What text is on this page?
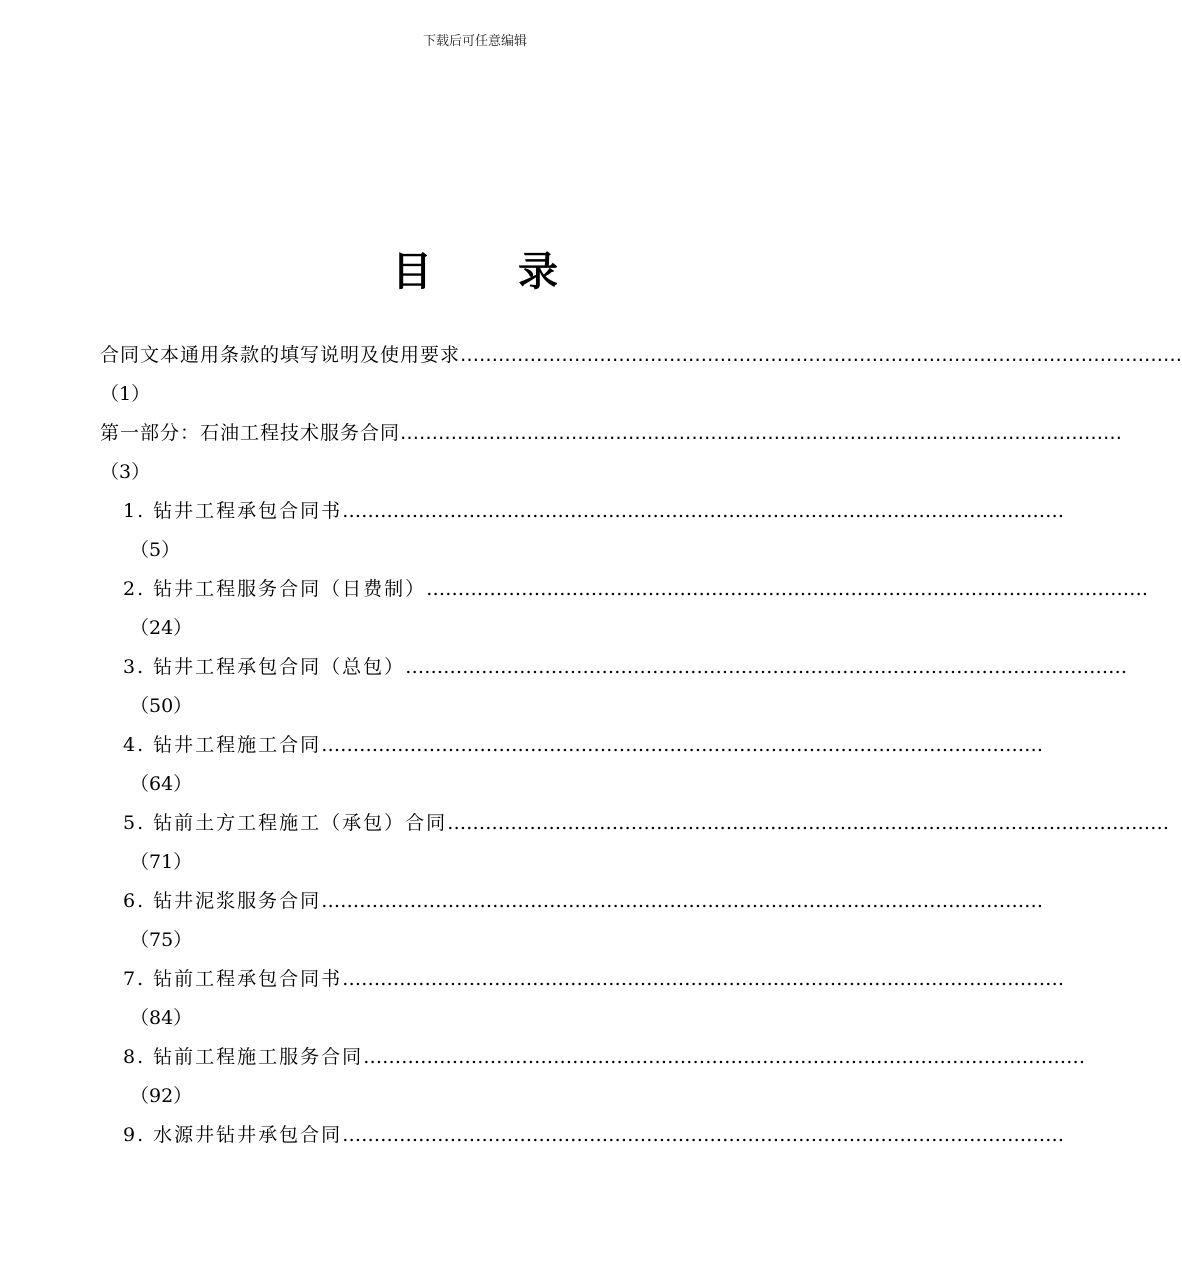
下载后可任意编辑
目 录
合同文本通用条款的填写说明及使用要求 ……………………………………………………………………………………………………
（1）
第一部分：石油工程技术服务合同 ……………………………………………………………………………………………………
（3）
1. 钻井工程承包合同书 ……………………………………………………………………………………………………
（5）
2. 钻井工程服务合同（日费制） ……………………………………………………………………………………………………
（24）
3. 钻井工程承包合同（总包） ……………………………………………………………………………………………………
（50）
4. 钻井工程施工合同 ……………………………………………………………………………………………………
（64）
5. 钻前土方工程施工（承包）合同 ……………………………………………………………………………………………………
（71）
6. 钻井泥浆服务合同 ……………………………………………………………………………………………………
（75）
7. 钻前工程承包合同书 ……………………………………………………………………………………………………
（84）
8. 钻前工程施工服务合同 ……………………………………………………………………………………………………
（92）
9. 水源井钻井承包合同 ……………………………………………………………………………………………………
